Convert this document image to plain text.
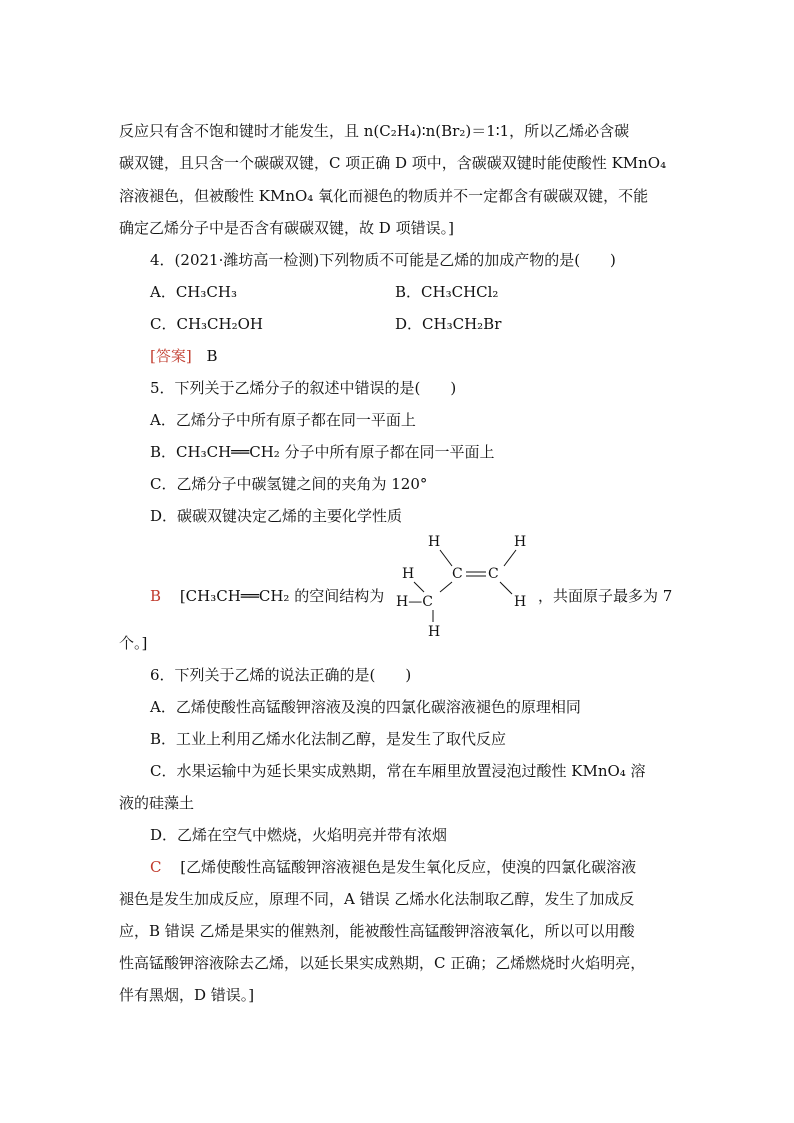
反应只有含不饱和键时才能发生，且 n(C₂H₄)∶n(Br₂)＝1∶1，所以乙烯必含碳
碳双键，且只含一个碳碳双键，C 项正确 D 项中，含碳碳双键时能使酸性 KMnO₄
溶液褪色，但被酸性 KMnO₄ 氧化而褪色的物质并不一定都含有碳碳双键，不能
确定乙烯分子中是否含有碳碳双键，故 D 项错误。]
4．(2021·潍坊高一检测)下列物质不可能是乙烯的加成产物的是(　　)
A．CH₃CH₃	B．CH₃CHCl₂
C．CH₃CH₂OH	D．CH₃CH₂Br
[答案] B
5．下列关于乙烯分子的叙述中错误的是(　　)
A．乙烯分子中所有原子都在同一平面上
B．CH₃CH══CH₂ 分子中所有原子都在同一平面上
C．乙烯分子中碳氢键之间的夹角为 120°
D．碳碳双键决定乙烯的主要化学性质
B [CH₃CH══CH₂ 的空间结构为
H	H
C C
H
H
H—C
H
，共面原子最多为 7
个。]
6．下列关于乙烯的说法正确的是(　　)
A．乙烯使酸性高锰酸钾溶液及溴的四氯化碳溶液褪色的原理相同
B．工业上利用乙烯水化法制乙醇，是发生了取代反应
C．水果运输中为延长果实成熟期，常在车厢里放置浸泡过酸性 KMnO₄ 溶
液的硅藻土
D．乙烯在空气中燃烧，火焰明亮并带有浓烟
C [乙烯使酸性高锰酸钾溶液褪色是发生氧化反应，使溴的四氯化碳溶液
褪色是发生加成反应，原理不同，A 错误 乙烯水化法制取乙醇，发生了加成反
应，B 错误 乙烯是果实的催熟剂，能被酸性高锰酸钾溶液氧化，所以可以用酸
性高锰酸钾溶液除去乙烯，以延长果实成熟期，C 正确；乙烯燃烧时火焰明亮，
伴有黑烟，D 错误。]
